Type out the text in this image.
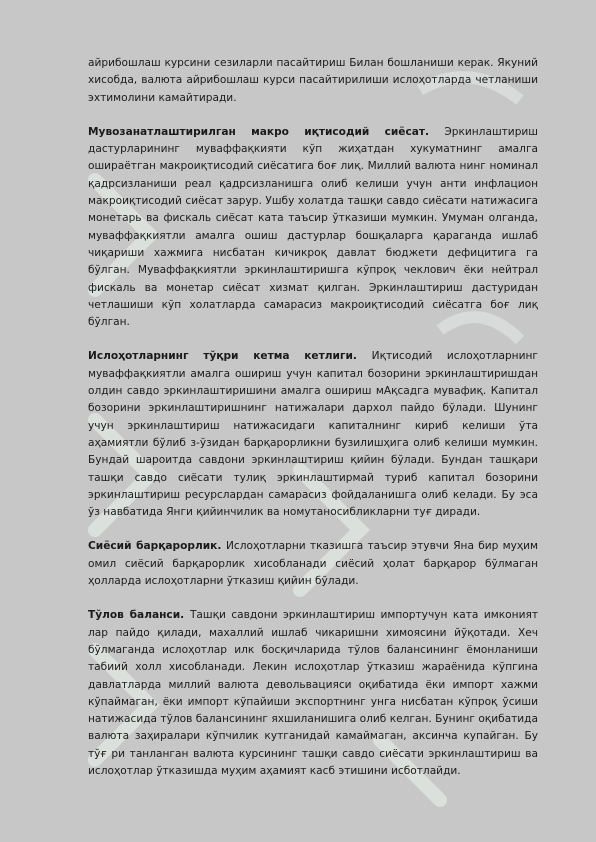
айрибошлаш курсини сезиларли пасайтириш Билан бошланиши керак. Якуний хисобда, валюта айрибошлаш курси пасайтирилиши ислоҳотларда четланиши эхтимолини камайтиради.

Мувозанатлаштирилган макро иқтисодий сиёсат. Эркинлаштириш дастурларининг муваффақкияти кўп жиҳатдан хукуматнинг амалга ошираётган макроиқтисодий сиёсатига боғ лиқ. Миллий валюта нинг номинал қадрсизланиши реал қадрсизланишга олиб келиши учун анти инфлацион макроиқтисодий сиёсат зарур. Ушбу холатда ташқи савдо сиёсати натижасига монетарь ва фискаль сиёсат ката таъсир ўтказиши мумкин. Умуман олганда, муваффақкиятли амалга ошиш дастурлар бошқаларга қараганда ишлаб чиқариши хажмига нисбатан кичикроқ давлат бюджети дефицитига га бўлган. Муваффақкиятли эркинлаштиришга кўпроқ чеклович ёки нейтрал фискаль ва монетар сиёсат хизмат қилган. Эркинлаштириш дастуридан четлашиши кўп холатларда самарасиз макроиқтисодий сиёсатга боғ лиқ бўлган.

Ислоҳотларнинг тўқри кетма кетлиги. Иқтисодий ислоҳотларнинг муваффақкиятли амалга ошириш учун капитал бозорини эркинлаштиришдан олдин савдо эркинлаштиришини амалга ошириш мАқсадга мувафиқ. Капитал бозорини эркинлаштиришнинг натижалари дархол пайдо бўлади. Шунинг учун эркинлаштириш натижасидаги капиталнинг кириб келиши ўта аҳамиятли бўлиб з-ўзидан барқарорликни бузилишҳига олиб келиши мумкин. Бундай шароитда савдони эркинлаштириш қийин бўлади. Бундан ташқари ташқи савдо сиёсати тулиқ эркинлаштирмай туриб капитал бозорини эркинлаштириш ресурслардан самарасиз фойдаланишга олиб келади. Бу эса ўз навбатида Янги қийинчилик ва номутаносибликларни туғ диради.

Сиёсий барқарорлик. Ислоҳотларни тказишга таъсир этувчи Яна бир муҳим омил сиёсий барқарорлик хисобланади сиёсий ҳолат барқарор бўлмаган ҳолларда ислоҳотларни ўтказиш қийин бўлади.

Тўлов баланси. Ташқи савдони эркинлаштириш импортучун ката имконият лар пайдо қилади, махаллий ишлаб чикаришни химоясини йўқотади. Хеч бўлмаганда ислоҳотлар илк босқичларида тўлов балансининг ёмонланиши табиий холл хисобланади. Лекин ислоҳотлар ўтказиш жараёнида кўпгина давлатларда миллий валюта девольвацияси оқибатида ёки импорт хажми кўпаймаган, ёки импорт кўпайиши экспортнинг унга нисбатан кўпроқ ўсиши натижасида тўлов балансининг яхшиланишига олиб келган. Бунинг оқибатида валюта заҳиралари кўпчилик кутганидай камаймаган, аксинча купайган. Бу тўғ ри танланган валюта курсининг ташқи савдо сиёсати эркинлаштириш ва ислоҳотлар ўтказишда муҳим аҳамият касб этишини исботлайди.
